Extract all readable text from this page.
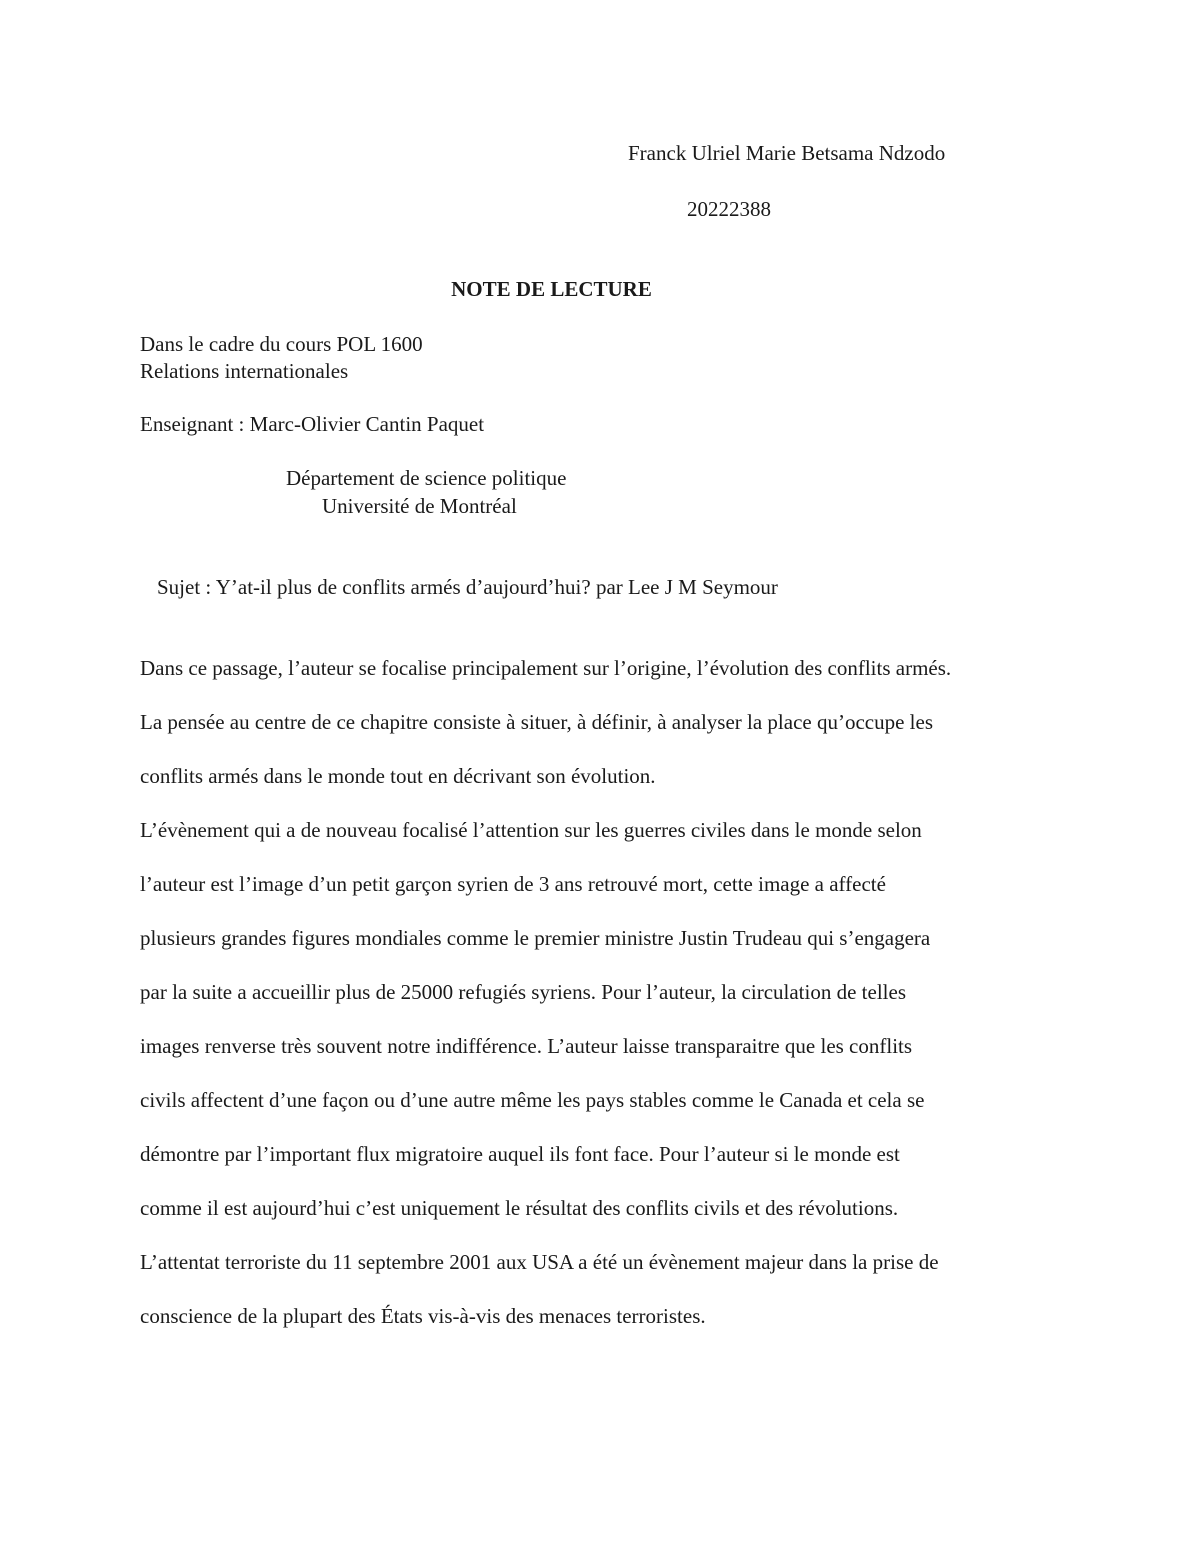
Franck Ulriel Marie Betsama Ndzodo

20222388

NOTE DE LECTURE

Dans le cadre du cours POL 1600

Relations internationales

Enseignant : Marc-Olivier Cantin Paquet

Département de science politique

Université de Montréal

Sujet : Y’at-il plus de conflits armés d’aujourd’hui? par Lee J M Seymour

Dans ce passage, l’auteur se focalise principalement sur l’origine, l’évolution des conflits armés.
La pensée au centre de ce chapitre consiste à situer, à définir, à analyser la place qu’occupe les
conflits armés dans le monde tout en décrivant son évolution.
L’évènement qui a de nouveau focalisé l’attention sur les guerres civiles dans le monde selon
l’auteur est l’image d’un petit garçon syrien de 3 ans retrouvé mort, cette image a affecté
plusieurs grandes figures mondiales comme le premier ministre Justin Trudeau qui s’engagera
par la suite a accueillir plus de 25000 refugiés syriens. Pour l’auteur, la circulation de telles
images renverse très souvent notre indifférence. L’auteur laisse transparaitre que les conflits
civils affectent d’une façon ou d’une autre même les pays stables comme le Canada et cela se
démontre par l’important flux migratoire auquel ils font face. Pour l’auteur si le monde est
comme il est aujourd’hui c’est uniquement le résultat des conflits civils et des révolutions.
L’attentat terroriste du 11 septembre 2001 aux USA a été un évènement majeur dans la prise de
conscience de la plupart des États vis-à-vis des menaces terroristes.
